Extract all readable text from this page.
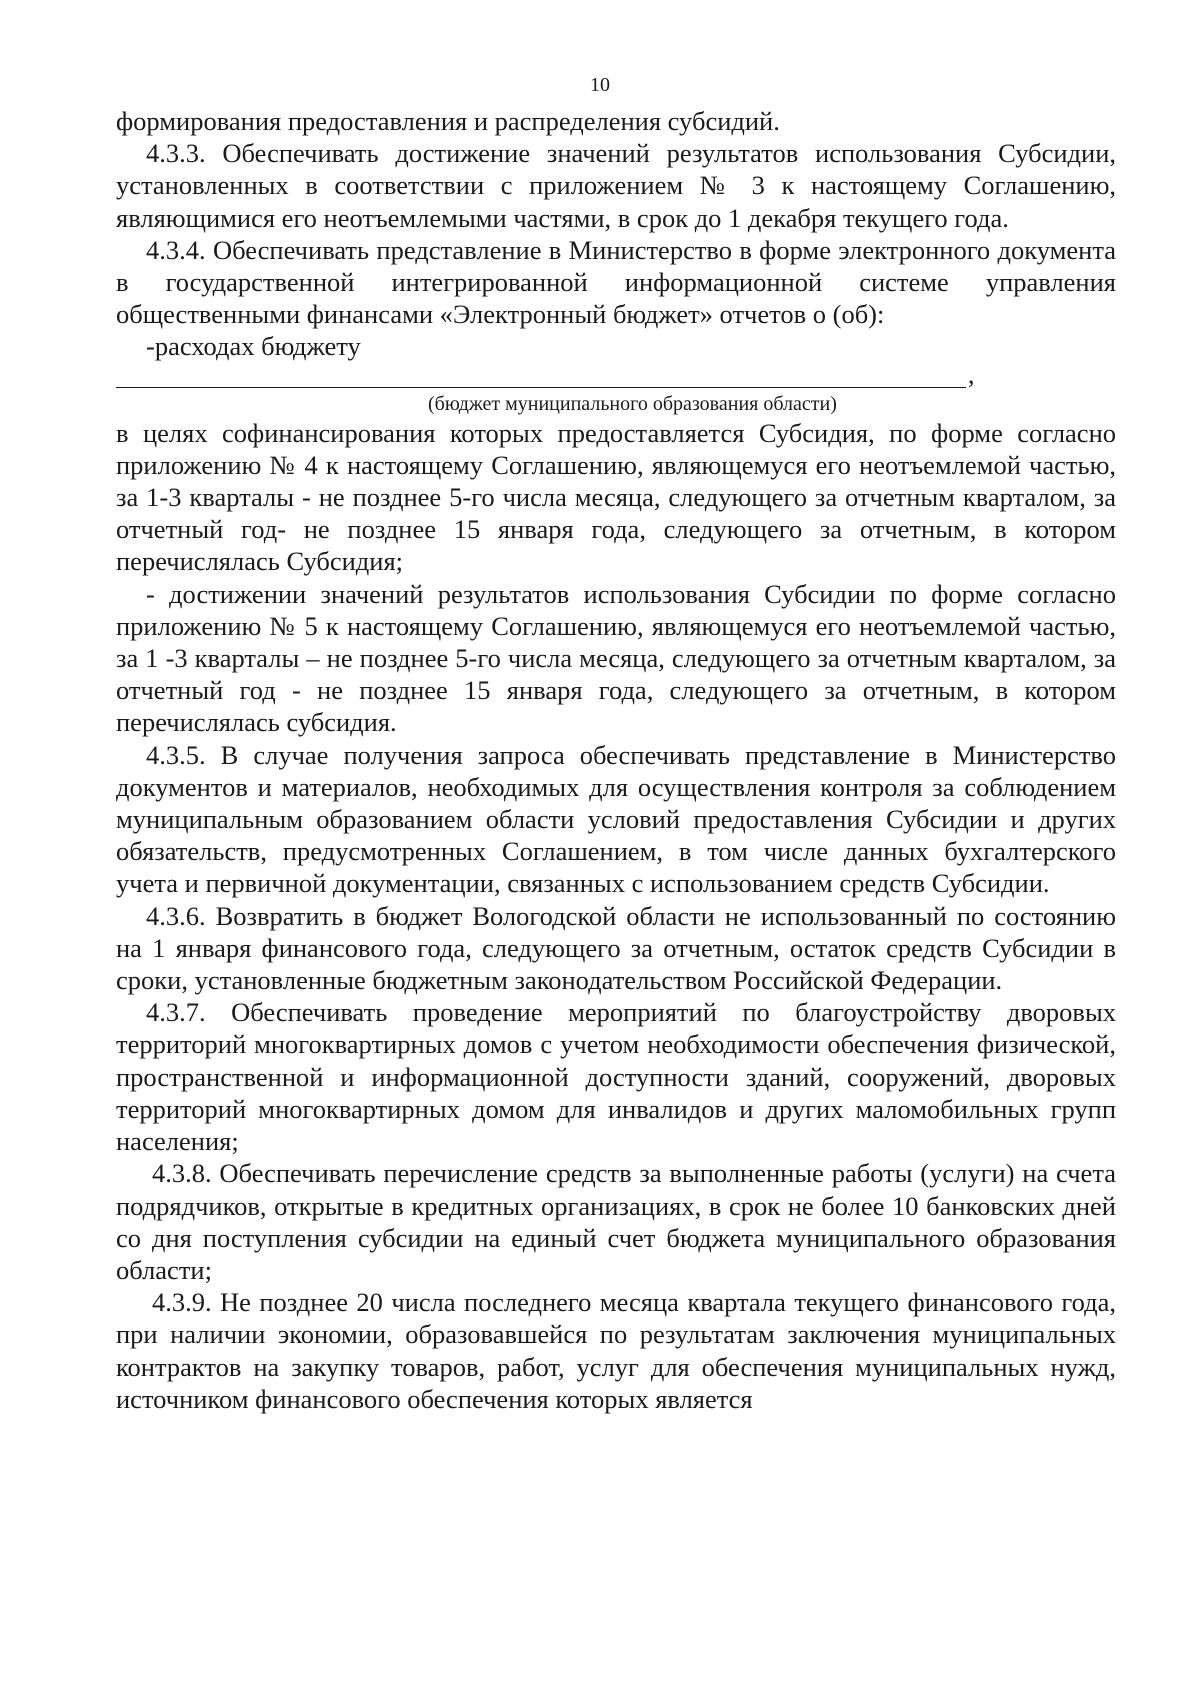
10

формирования предоставления и распределения субсидий.

4.3.3. Обеспечивать достижение значений результатов использования Субсидии, установленных в соответствии с приложением № 3 к настоящему Соглашению, являющимися его неотъемлемыми частями, в срок до 1 декабря текущего года.

4.3.4. Обеспечивать представление в Министерство в форме электронного документа в государственной интегрированной информационной системе управления общественными финансами «Электронный бюджет» отчетов о (об):

-расходах бюджету

,

(бюджет муниципального образования области)

в целях софинансирования которых предоставляется Субсидия, по форме согласно приложению № 4 к настоящему Соглашению, являющемуся его неотъемлемой частью, за 1-3 кварталы - не позднее 5-го числа месяца, следующего за отчетным кварталом, за отчетный год- не позднее 15 января года, следующего за отчетным, в котором перечислялась Субсидия;

- достижении значений результатов использования Субсидии по форме согласно приложению № 5 к настоящему Соглашению, являющемуся его неотъемлемой частью, за 1 -3 кварталы – не позднее 5-го числа месяца, следующего за отчетным кварталом, за отчетный год - не позднее 15 января года, следующего за отчетным, в котором перечислялась субсидия.

4.3.5. В случае получения запроса обеспечивать представление в Министерство документов и материалов, необходимых для осуществления контроля за соблюдением муниципальным образованием области условий предоставления Субсидии и других обязательств, предусмотренных Соглашением, в том числе данных бухгалтерского учета и первичной документации, связанных с использованием средств Субсидии.

4.3.6. Возвратить в бюджет Вологодской области не использованный по состоянию на 1 января финансового года, следующего за отчетным, остаток средств Субсидии в сроки, установленные бюджетным законодательством Российской Федерации.

4.3.7. Обеспечивать проведение мероприятий по благоустройству дворовых территорий многоквартирных домов с учетом необходимости обеспечения физической, пространственной и информационной доступности зданий, сооружений, дворовых территорий многоквартирных домом для инвалидов и других маломобильных групп населения;

4.3.8. Обеспечивать перечисление средств за выполненные работы (услуги) на счета подрядчиков, открытые в кредитных организациях, в срок не более 10 банковских дней со дня поступления субсидии на единый счет бюджета муниципального образования области;

4.3.9. Не позднее 20 числа последнего месяца квартала текущего финансового года, при наличии экономии, образовавшейся по результатам заключения муниципальных контрактов на закупку товаров, работ, услуг для обеспечения муниципальных нужд, источником финансового обеспечения которых является
